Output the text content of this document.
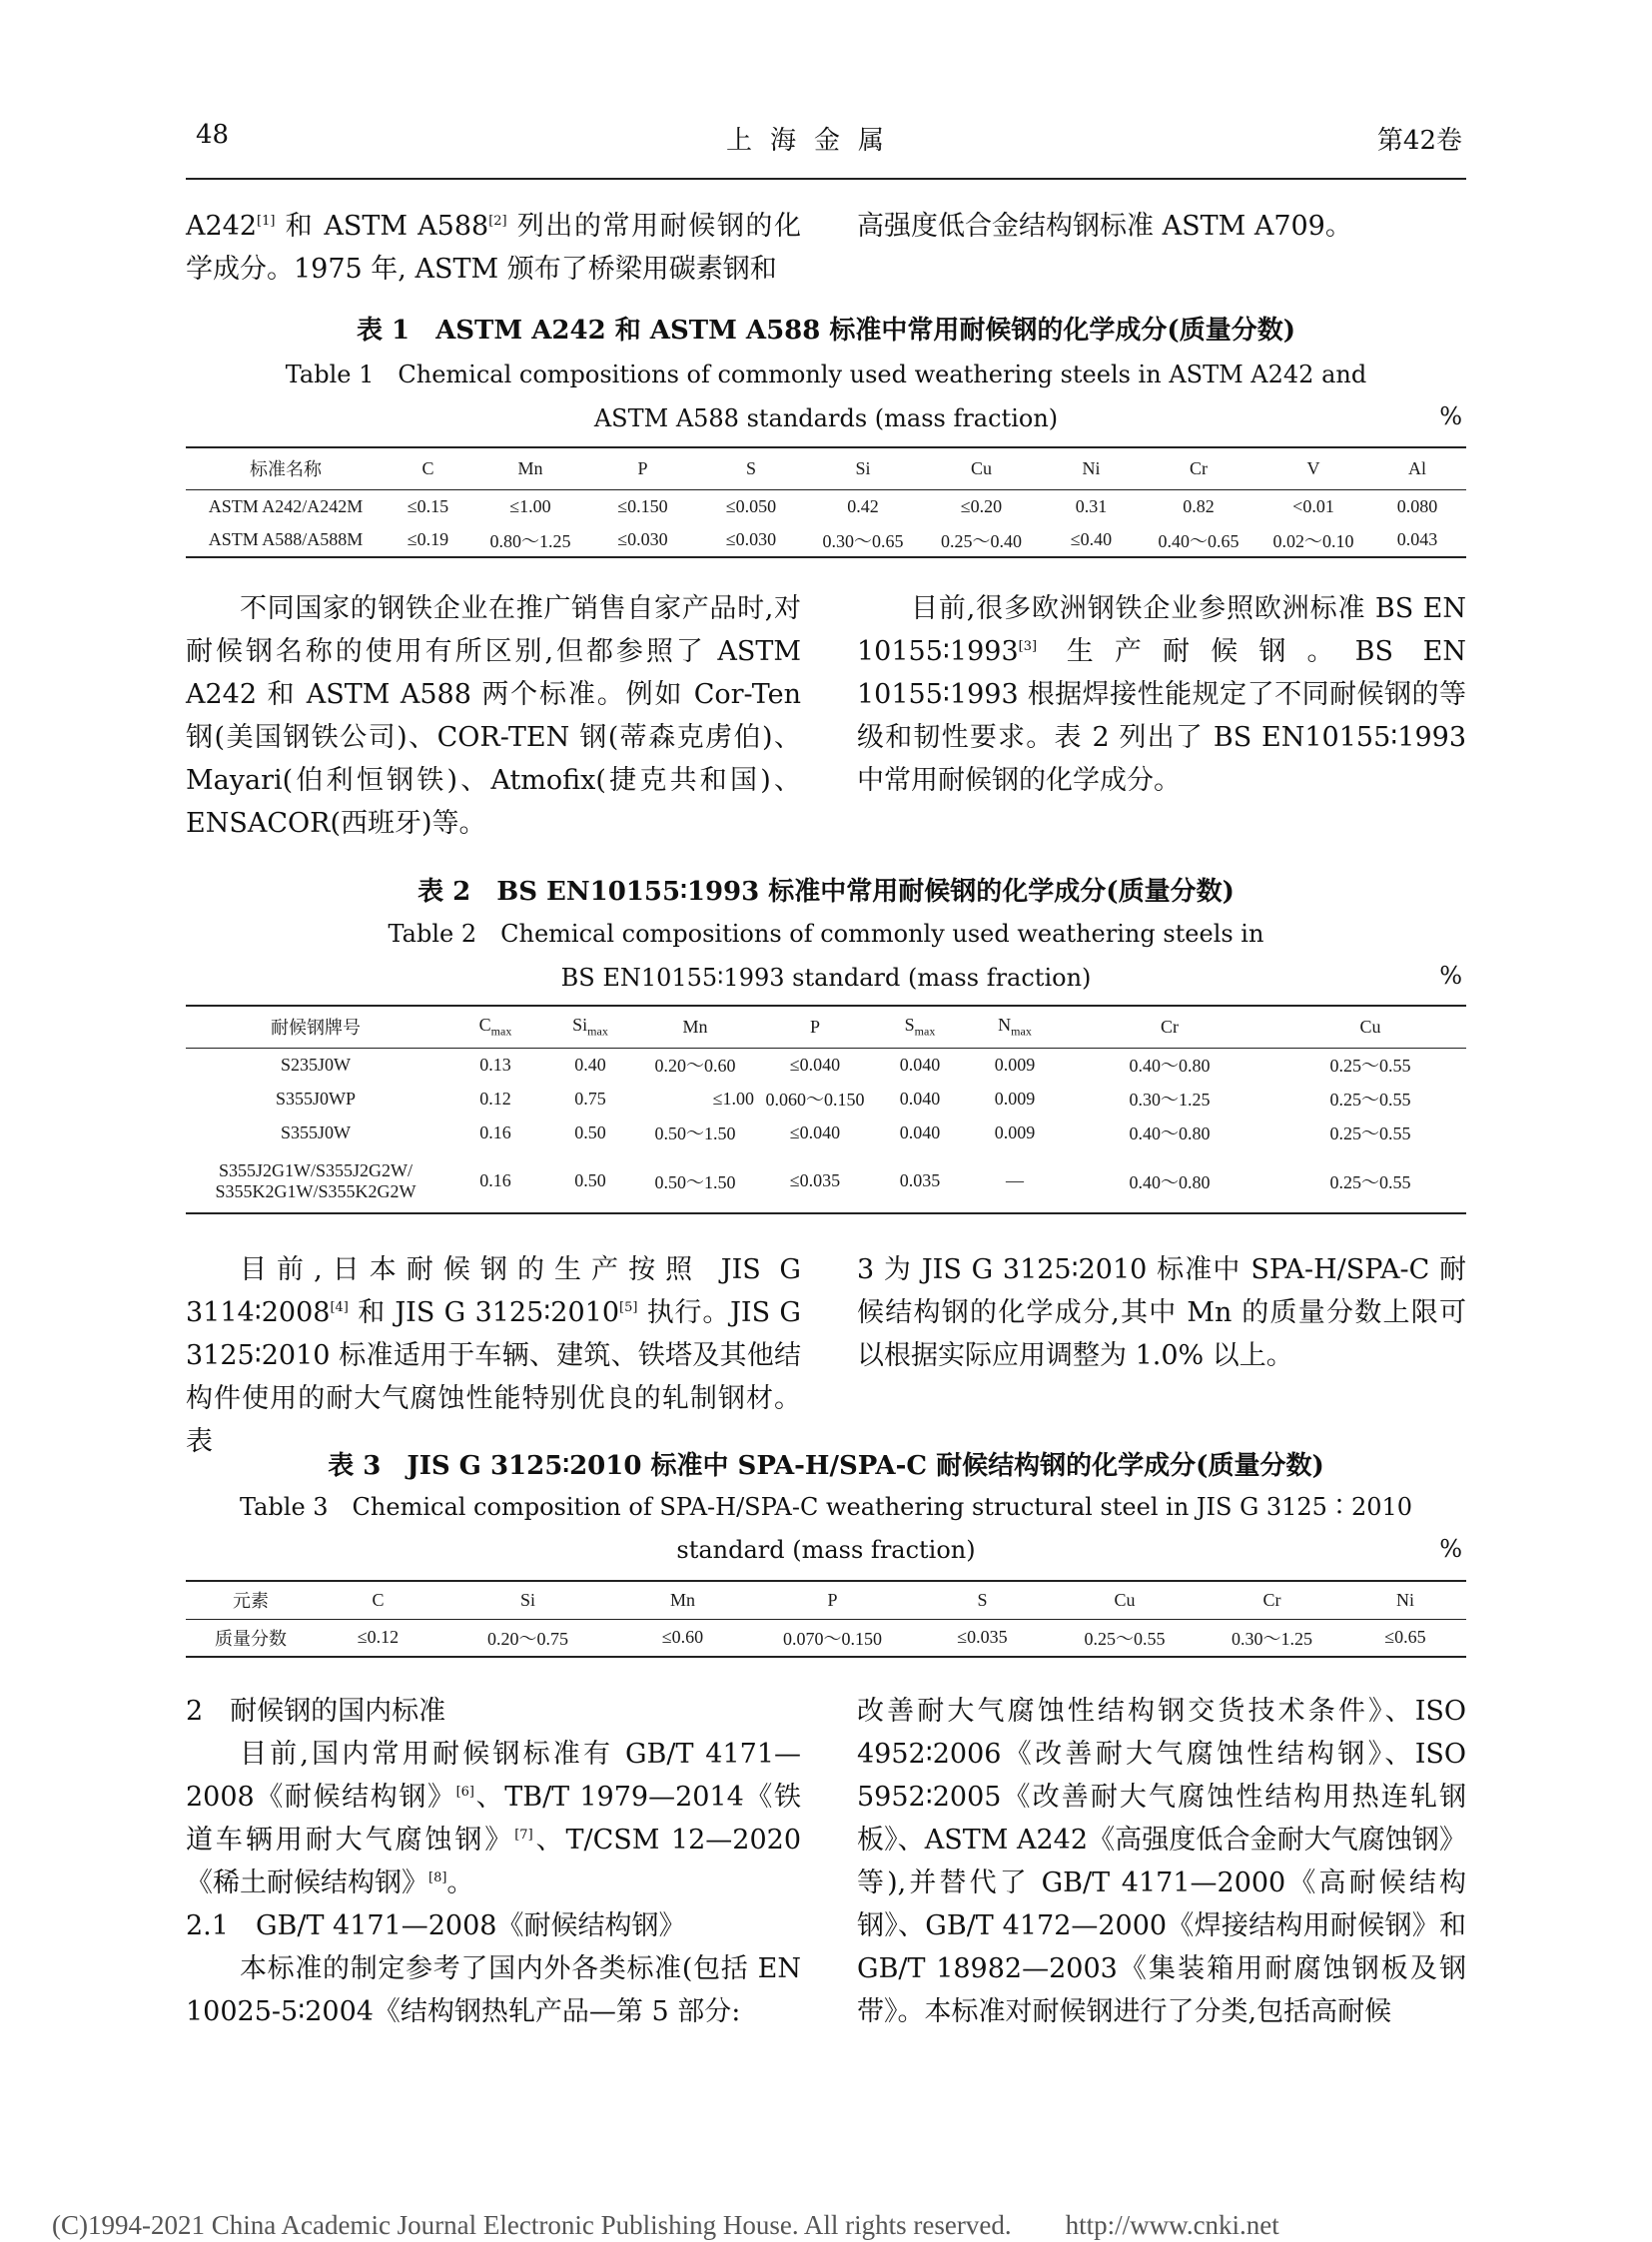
48	上海金属	第42卷

A242[1] 和 ASTM A588[2] 列出的常用耐候钢的化学成分。1975 年, ASTM 颁布了桥梁用碳素钢和

高强度低合金结构钢标准 ASTM A709。

表 1　ASTM A242 和 ASTM A588 标准中常用耐候钢的化学成分(质量分数)
Table 1　Chemical compositions of commonly used weathering steels in ASTM A242 and
ASTM A588 standards (mass fraction)	%
标准名称	C	Mn	P	S	Si	Cu	Ni	Cr	V	Al
ASTM A242/A242M	≤0.15	≤1.00	≤0.150	≤0.050	0.42	≤0.20	0.31	0.82	<0.01	0.080
ASTM A588/A588M	≤0.19	0.80～1.25	≤0.030	≤0.030	0.30～0.65	0.25～0.40	≤0.40	0.40～0.65	0.02～0.10	0.043

不同国家的钢铁企业在推广销售自家产品时,对耐候钢名称的使用有所区别,但都参照了 ASTM A242 和 ASTM A588 两个标准。例如 Cor-Ten 钢(美国钢铁公司)、COR-TEN 钢(蒂森克虏伯)、Mayari(伯利恒钢铁)、Atmofix(捷克共和国)、ENSACOR(西班牙)等。

目前,很多欧洲钢铁企业参照欧洲标准 BS EN 10155∶1993[3] 生产耐候钢。BS EN 10155∶1993 根据焊接性能规定了不同耐候钢的等级和韧性要求。表 2 列出了 BS EN10155∶1993 中常用耐候钢的化学成分。

表 2　BS EN10155∶1993 标准中常用耐候钢的化学成分(质量分数)
Table 2　Chemical compositions of commonly used weathering steels in
BS EN10155∶1993 standard (mass fraction)	%
耐候钢牌号	$C_{max}$	$Si_{max}$	Mn	P	$S_{max}$	$N_{max}$	Cr	Cu
S235J0W	0.13	0.40	0.20～0.60	≤0.040	0.040	0.009	0.40～0.80	0.25～0.55
S355J0WP	0.12	0.75	≤1.00	0.060～0.150	0.040	0.009	0.30～1.25	0.25～0.55
S355J0W	0.16	0.50	0.50～1.50	≤0.040	0.040	0.009	0.40～0.80	0.25～0.55

S355J2G1W/S355J2G2W/
S355K2G1W/S355K2G2W	0.16	0.50	0.50～1.50	≤0.035	0.035	—	0.40～0.80	0.25～0.55

目前,日本耐候钢的生产按照 JIS G 3114∶2008[4] 和 JIS G 3125∶2010[5] 执行。JIS G 3125∶2010 标准适用于车辆、建筑、铁塔及其他结构件使用的耐大气腐蚀性能特别优良的轧制钢材。表

3 为 JIS G 3125∶2010 标准中 SPA-H/SPA-C 耐候结构钢的化学成分,其中 Mn 的质量分数上限可以根据实际应用调整为 1.0% 以上。

表 3　JIS G 3125∶2010 标准中 SPA-H/SPA-C 耐候结构钢的化学成分(质量分数)
Table 3　Chemical composition of SPA-H/SPA-C weathering structural steel in JIS G 3125∶2010
standard (mass fraction)	%
元素	C	Si	Mn	P	S	Cu	Cr	Ni
质量分数	≤0.12	0.20～0.75	≤0.60	0.070～0.150	≤0.035	0.25～0.55	0.30～1.25	≤0.65

2　耐候钢的国内标准

目前,国内常用耐候钢标准有 GB/T 4171—2008《耐候结构钢》[6]、TB/T 1979—2014《铁道车辆用耐大气腐蚀钢》[7]、T/CSM 12—2020《稀土耐候结构钢》[8]。

2.1　GB/T 4171—2008《耐候结构钢》

本标准的制定参考了国内外各类标准(包括 EN 10025-5∶2004《结构钢热轧产品—第 5 部分:

改善耐大气腐蚀性结构钢交货技术条件》、ISO 4952∶2006《改善耐大气腐蚀性结构钢》、ISO 5952∶2005《改善耐大气腐蚀性结构用热连轧钢板》、ASTM A242《高强度低合金耐大气腐蚀钢》等),并替代了 GB/T 4171—2000《高耐候结构钢》、GB/T 4172—2000《焊接结构用耐候钢》和 GB/T 18982—2003《集装箱用耐腐蚀钢板及钢带》。本标准对耐候钢进行了分类,包括高耐候

(C)1994-2021 China Academic Journal Electronic Publishing House. All rights reserved.　　http://www.cnki.net
